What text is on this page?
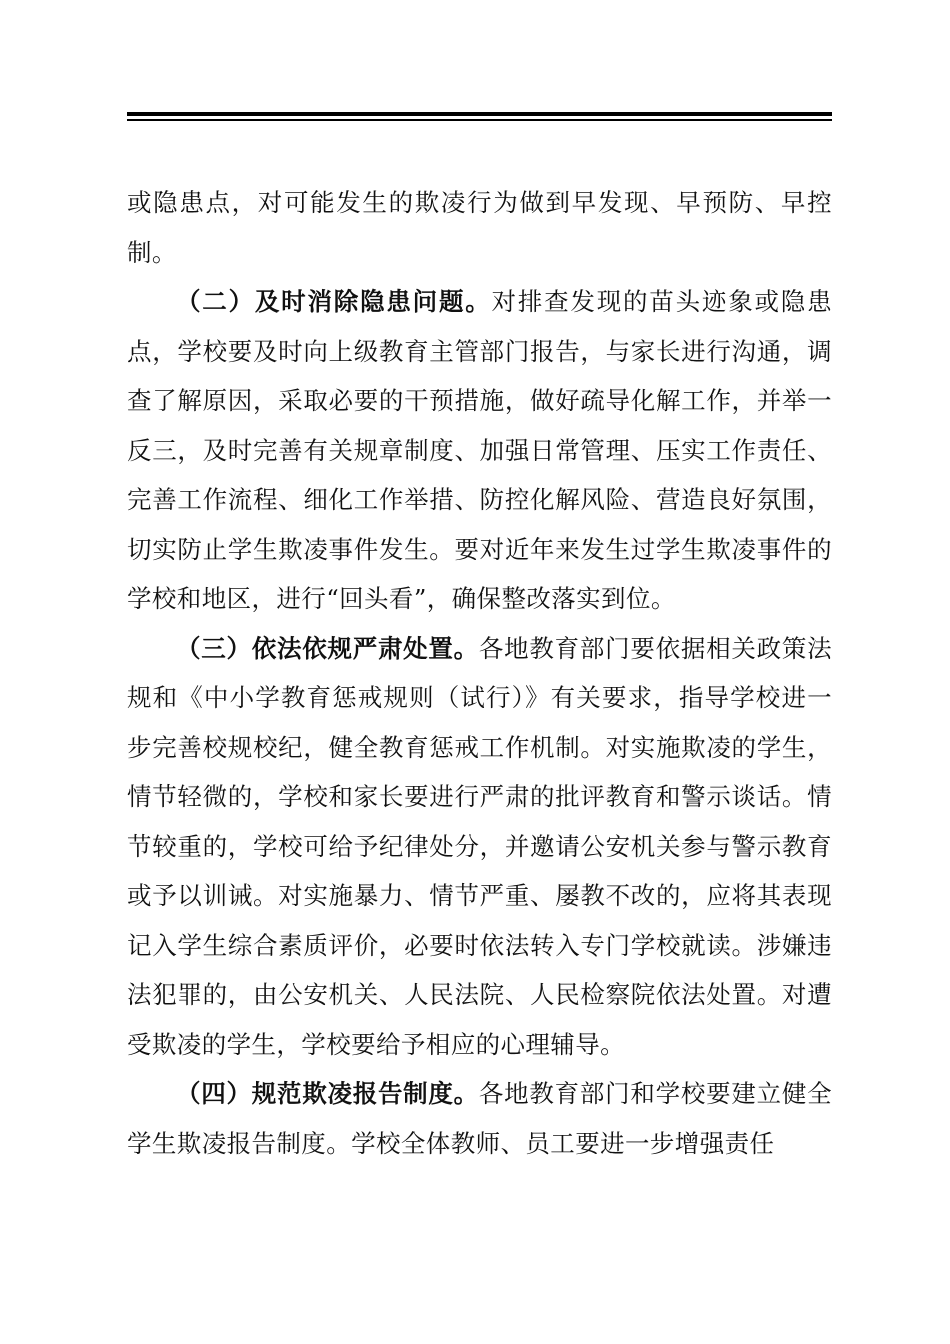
或隐患点，对可能发生的欺凌行为做到早发现、早预防、早控制。

（二）及时消除隐患问题。对排查发现的苗头迹象或隐患点，学校要及时向上级教育主管部门报告，与家长进行沟通，调查了解原因，采取必要的干预措施，做好疏导化解工作，并举一反三，及时完善有关规章制度、加强日常管理、压实工作责任、完善工作流程、细化工作举措、防控化解风险、营造良好氛围，切实防止学生欺凌事件发生。要对近年来发生过学生欺凌事件的学校和地区，进行“回头看”，确保整改落实到位。

（三）依法依规严肃处置。各地教育部门要依据相关政策法规和《中小学教育惩戒规则（试行）》有关要求，指导学校进一步完善校规校纪，健全教育惩戒工作机制。对实施欺凌的学生，情节轻微的，学校和家长要进行严肃的批评教育和警示谈话。情节较重的，学校可给予纪律处分，并邀请公安机关参与警示教育或予以训诫。对实施暴力、情节严重、屡教不改的，应将其表现记入学生综合素质评价，必要时依法转入专门学校就读。涉嫌违法犯罪的，由公安机关、人民法院、人民检察院依法处置。对遭受欺凌的学生，学校要给予相应的心理辅导。

（四）规范欺凌报告制度。各地教育部门和学校要建立健全学生欺凌报告制度。学校全体教师、员工要进一步增强责任
